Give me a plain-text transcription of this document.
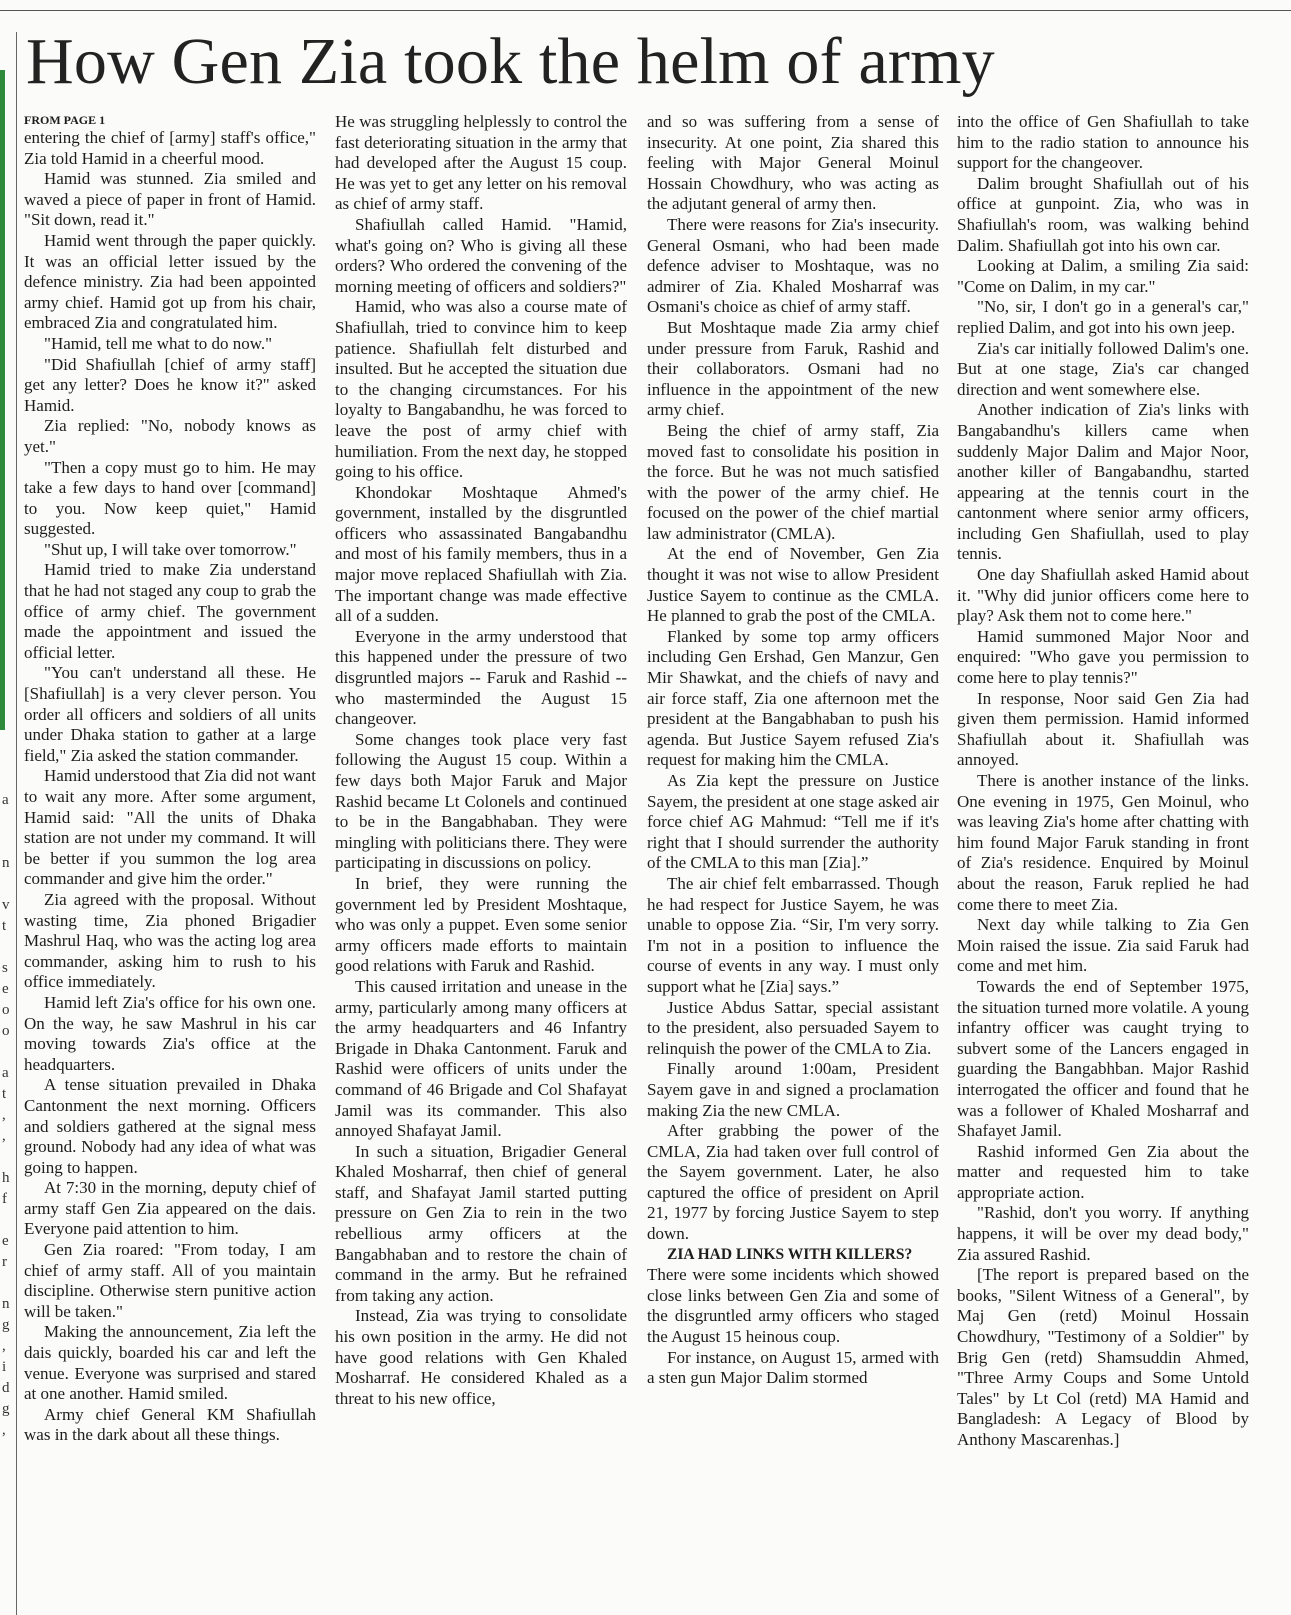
a
n
v
t
s
e
o
o
a
t
,
,
h
f
e
r
n
g
,
i
d
g
,
How Gen Zia took the helm of army
FROM PAGE 1

entering the chief of [army] staff's office," Zia told Hamid in a cheerful mood.

Hamid was stunned. Zia smiled and waved a piece of paper in front of Hamid. "Sit down, read it."

Hamid went through the paper quickly. It was an official letter issued by the defence ministry. Zia had been appointed army chief. Hamid got up from his chair, embraced Zia and congratulated him.

"Hamid, tell me what to do now."

"Did Shafiullah [chief of army staff] get any letter? Does he know it?" asked Hamid.

Zia replied: "No, nobody knows as yet."

"Then a copy must go to him. He may take a few days to hand over [command] to you. Now keep quiet," Hamid suggested.

"Shut up, I will take over tomorrow."

Hamid tried to make Zia understand that he had not staged any coup to grab the office of army chief. The government made the appointment and issued the official letter.

"You can't understand all these. He [Shafiullah] is a very clever person. You order all officers and soldiers of all units under Dhaka station to gather at a large field," Zia asked the station commander.

Hamid understood that Zia did not want to wait any more. After some argument, Hamid said: "All the units of Dhaka station are not under my command. It will be better if you summon the log area commander and give him the order."

Zia agreed with the proposal. Without wasting time, Zia phoned Brigadier Mashrul Haq, who was the acting log area commander, asking him to rush to his office immediately.

Hamid left Zia's office for his own one. On the way, he saw Mashrul in his car moving towards Zia's office at the headquarters.

A tense situation prevailed in Dhaka Cantonment the next morning. Officers and soldiers gathered at the signal mess ground. Nobody had any idea of what was going to happen.

At 7:30 in the morning, deputy chief of army staff Gen Zia appeared on the dais. Everyone paid attention to him.

Gen Zia roared: "From today, I am chief of army staff. All of you maintain discipline. Otherwise stern punitive action will be taken."

Making the announcement, Zia left the dais quickly, boarded his car and left the venue. Everyone was surprised and stared at one another. Hamid smiled.

Army chief General KM Shafiullah was in the dark about all these things.

He was struggling helplessly to control the fast deteriorating situation in the army that had developed after the August 15 coup. He was yet to get any letter on his removal as chief of army staff.

Shafiullah called Hamid. "Hamid, what's going on? Who is giving all these orders? Who ordered the convening of the morning meeting of officers and soldiers?"

Hamid, who was also a course mate of Shafiullah, tried to convince him to keep patience. Shafiullah felt disturbed and insulted. But he accepted the situation due to the changing circumstances. For his loyalty to Bangabandhu, he was forced to leave the post of army chief with humiliation. From the next day, he stopped going to his office.

Khondokar Moshtaque Ahmed's government, installed by the disgruntled officers who assassinated Bangabandhu and most of his family members, thus in a major move replaced Shafiullah with Zia. The important change was made effective all of a sudden.

Everyone in the army understood that this happened under the pressure of two disgruntled majors -- Faruk and Rashid -- who masterminded the August 15 changeover.

Some changes took place very fast following the August 15 coup. Within a few days both Major Faruk and Major Rashid became Lt Colonels and continued to be in the Bangabhaban. They were mingling with politicians there. They were participating in discussions on policy.

In brief, they were running the government led by President Moshtaque, who was only a puppet. Even some senior army officers made efforts to maintain good relations with Faruk and Rashid.

This caused irritation and unease in the army, particularly among many officers at the army headquarters and 46 Infantry Brigade in Dhaka Cantonment. Faruk and Rashid were officers of units under the command of 46 Brigade and Col Shafayat Jamil was its commander. This also annoyed Shafayat Jamil.

In such a situation, Brigadier General Khaled Mosharraf, then chief of general staff, and Shafayat Jamil started putting pressure on Gen Zia to rein in the two rebellious army officers at the Bangabhaban and to restore the chain of command in the army. But he refrained from taking any action.

Instead, Zia was trying to consolidate his own position in the army. He did not have good relations with Gen Khaled Mosharraf. He considered Khaled as a threat to his new office,

and so was suffering from a sense of insecurity. At one point, Zia shared this feeling with Major General Moinul Hossain Chowdhury, who was acting as the adjutant general of army then.

There were reasons for Zia's insecurity. General Osmani, who had been made defence adviser to Moshtaque, was no admirer of Zia. Khaled Mosharraf was Osmani's choice as chief of army staff.

But Moshtaque made Zia army chief under pressure from Faruk, Rashid and their collaborators. Osmani had no influence in the appointment of the new army chief.

Being the chief of army staff, Zia moved fast to consolidate his position in the force. But he was not much satisfied with the power of the army chief. He focused on the power of the chief martial law administrator (CMLA).

At the end of November, Gen Zia thought it was not wise to allow President Justice Sayem to continue as the CMLA. He planned to grab the post of the CMLA.

Flanked by some top army officers including Gen Ershad, Gen Manzur, Gen Mir Shawkat, and the chiefs of navy and air force staff, Zia one afternoon met the president at the Bangabhaban to push his agenda. But Justice Sayem refused Zia's request for making him the CMLA.

As Zia kept the pressure on Justice Sayem, the president at one stage asked air force chief AG Mahmud: “Tell me if it's right that I should surrender the authority of the CMLA to this man [Zia].”

The air chief felt embarrassed. Though he had respect for Justice Sayem, he was unable to oppose Zia. “Sir, I'm very sorry. I'm not in a position to influence the course of events in any way. I must only support what he [Zia] says.”

Justice Abdus Sattar, special assistant to the president, also persuaded Sayem to relinquish the power of the CMLA to Zia.

Finally around 1:00am, President Sayem gave in and signed a proclamation making Zia the new CMLA.

After grabbing the power of the CMLA, Zia had taken over full control of the Sayem government. Later, he also captured the office of president on April 21, 1977 by forcing Justice Sayem to step down.

ZIA HAD LINKS WITH KILLERS?

There were some incidents which showed close links between Gen Zia and some of the disgruntled army officers who staged the August 15 heinous coup.

For instance, on August 15, armed with a sten gun Major Dalim stormed

into the office of Gen Shafiullah to take him to the radio station to announce his support for the changeover.

Dalim brought Shafiullah out of his office at gunpoint. Zia, who was in Shafiullah's room, was walking behind Dalim. Shafiullah got into his own car.

Looking at Dalim, a smiling Zia said: "Come on Dalim, in my car."

"No, sir, I don't go in a general's car," replied Dalim, and got into his own jeep.

Zia's car initially followed Dalim's one. But at one stage, Zia's car changed direction and went somewhere else.

Another indication of Zia's links with Bangabandhu's killers came when suddenly Major Dalim and Major Noor, another killer of Bangabandhu, started appearing at the tennis court in the cantonment where senior army officers, including Gen Shafiullah, used to play tennis.

One day Shafiullah asked Hamid about it. "Why did junior officers come here to play? Ask them not to come here."

Hamid summoned Major Noor and enquired: "Who gave you permission to come here to play tennis?"

In response, Noor said Gen Zia had given them permission. Hamid informed Shafiullah about it. Shafiullah was annoyed.

There is another instance of the links. One evening in 1975, Gen Moinul, who was leaving Zia's home after chatting with him found Major Faruk standing in front of Zia's residence. Enquired by Moinul about the reason, Faruk replied he had come there to meet Zia.

Next day while talking to Zia Gen Moin raised the issue. Zia said Faruk had come and met him.

Towards the end of September 1975, the situation turned more volatile. A young infantry officer was caught trying to subvert some of the Lancers engaged in guarding the Bangabhban. Major Rashid interrogated the officer and found that he was a follower of Khaled Mosharraf and Shafayet Jamil.

Rashid informed Gen Zia about the matter and requested him to take appropriate action.

"Rashid, don't you worry. If anything happens, it will be over my dead body," Zia assured Rashid.

[The report is prepared based on the books, "Silent Witness of a General", by Maj Gen (retd) Moinul Hossain Chowdhury, "Testimony of a Soldier" by Brig Gen (retd) Shamsuddin Ahmed, "Three Army Coups and Some Untold Tales" by Lt Col (retd) MA Hamid and Bangladesh: A Legacy of Blood by Anthony Mascarenhas.]
